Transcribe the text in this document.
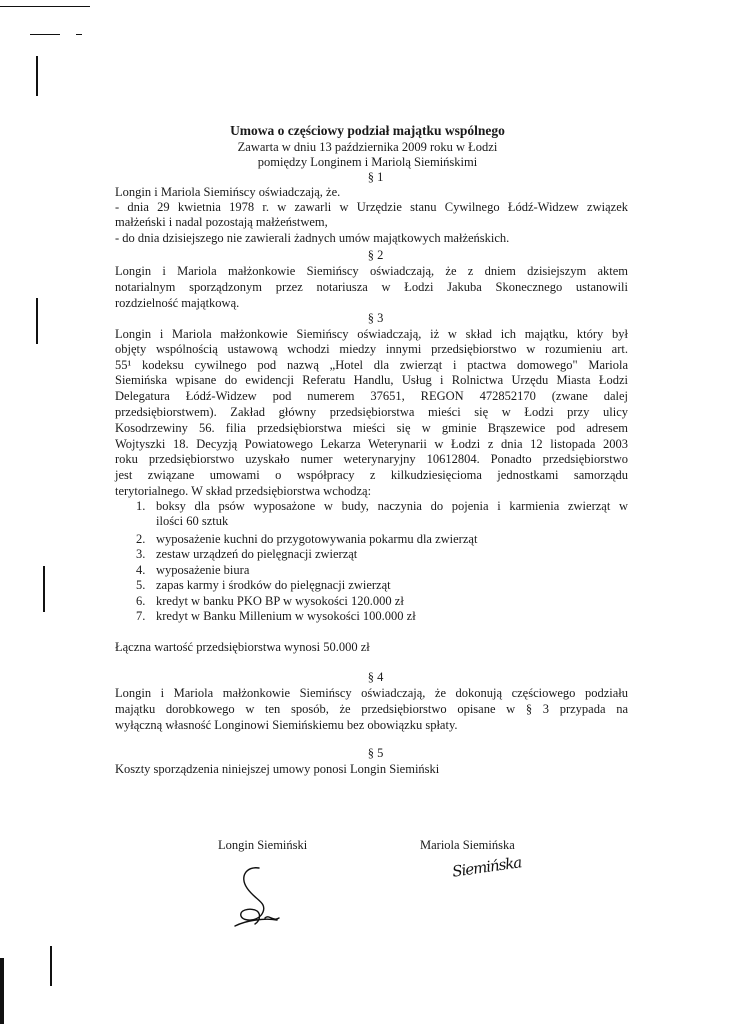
Umowa o częściowy podział majątku wspólnego
Zawarta w dniu 13 października 2009 roku w Łodzi
pomiędzy Longinem i Mariolą Siemińskimi
§ 1
Longin i Mariola Siemińscy oświadczają, że.
- dnia 29 kwietnia 1978 r. w zawarli w Urzędzie stanu Cywilnego Łódź-Widzew związek
małżeński i nadal pozostają małżeństwem,
- do dnia dzisiejszego nie zawierali żadnych umów majątkowych małżeńskich.
§ 2
Longin i Mariola małżonkowie Siemińscy oświadczają, że z dniem dzisiejszym aktem
notarialnym sporządzonym przez notariusza w Łodzi Jakuba Skonecznego ustanowili
rozdzielność majątkową.
§ 3
Longin i Mariola małżonkowie Siemińscy oświadczają, iż w skład ich majątku, który był
objęty wspólnością ustawową wchodzi miedzy innymi przedsiębiorstwo w rozumieniu art.
55¹ kodeksu cywilnego pod nazwą „Hotel dla zwierząt i ptactwa domowego" Mariola
Siemińska wpisane do ewidencji Referatu Handlu, Usług i Rolnictwa Urzędu Miasta Łodzi
Delegatura Łódź-Widzew pod numerem 37651, REGON 472852170 (zwane dalej
przedsiębiorstwem). Zakład główny przedsiębiorstwa mieści się w Łodzi przy ulicy
Kosodrzewiny 56. filia przedsiębiorstwa mieści się w gminie Brąszewice pod adresem
Wojtyszki 18. Decyzją Powiatowego Lekarza Weterynarii w Łodzi z dnia 12 listopada 2003
roku przedsiębiorstwo uzyskało numer weterynaryjny 10612804. Ponadto przedsiębiorstwo
jest związane umowami o współpracy z kilkudziesięcioma jednostkami samorządu
terytorialnego. W skład przedsiębiorstwa wchodzą:
1. boksy dla psów wyposażone w budy, naczynia do pojenia i karmienia zwierząt w
ilości 60 sztuk
2. wyposażenie kuchni do przygotowywania pokarmu dla zwierząt
3. zestaw urządzeń do pielęgnacji zwierząt
4. wyposażenie biura
5. zapas karmy i środków do pielęgnacji zwierząt
6. kredyt w banku PKO BP w wysokości 120.000 zł
7. kredyt w Banku Millenium w wysokości 100.000 zł
Łączna wartość przedsiębiorstwa wynosi 50.000 zł
§ 4
Longin i Mariola małżonkowie Siemińscy oświadczają, że dokonują częściowego podziału
majątku dorobkowego w ten sposób, że przedsiębiorstwo opisane w § 3 przypada na
wyłączną własność Longinowi Siemińskiemu bez obowiązku spłaty.
§ 5
Koszty sporządzenia niniejszej umowy ponosi Longin Siemiński
Longin Siemiński	Mariola Siemińska
Siemińska
